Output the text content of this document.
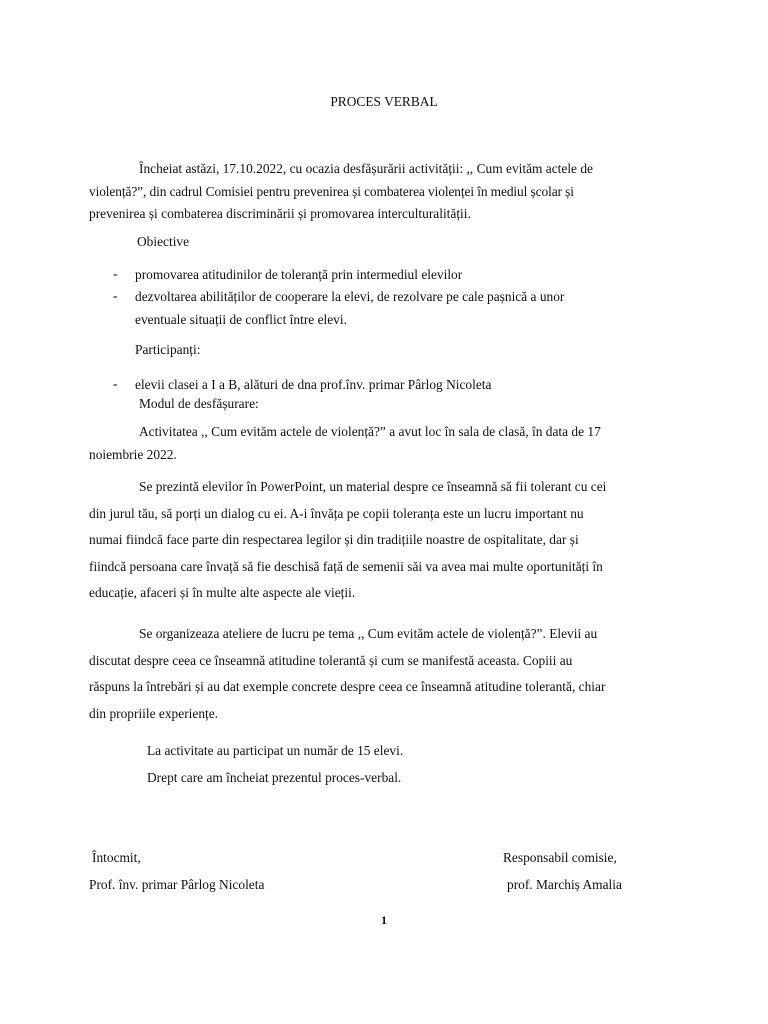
PROCES VERBAL
Încheiat astăzi, 17.10.2022, cu ocazia desfășurării activității: ,, Cum evităm actele de
violență?”, din cadrul Comisiei pentru prevenirea și combaterea violenței în mediul școlar și
prevenirea și combaterea discriminării și promovarea interculturalității.
Obiective
- promovarea atitudinilor de toleranță prin intermediul elevilor
- dezvoltarea abilităților de cooperare la elevi, de rezolvare pe cale pașnică a unor
eventuale situații de conflict între elevi.
Participanți:
- elevii clasei a I a B, alături de dna prof.înv. primar Pârlog Nicoleta
Modul de desfășurare:
Activitatea ,, Cum evităm actele de violență?” a avut loc în sala de clasă, în data de 17
noiembrie 2022.
Se prezintă elevilor în PowerPoint, un material despre ce înseamnă să fii tolerant cu cei
din jurul tău, să porți un dialog cu ei. A-i învăța pe copii toleranța este un lucru important nu
numai fiindcă face parte din respectarea legilor și din tradițiile noastre de ospitalitate, dar și
fiindcă persoana care învață să fie deschisă față de semenii săi va avea mai multe oportunități în
educație, afaceri și în multe alte aspecte ale vieții.
Se organizeaza ateliere de lucru pe tema ,, Cum evităm actele de violență?”. Elevii au
discutat despre ceea ce înseamnă atitudine tolerantă și cum se manifestă aceasta. Copiii au
răspuns la întrebări și au dat exemple concrete despre ceea ce înseamnă atitudine tolerantă, chiar
din propriile experiențe.
La activitate au participat un număr de 15 elevi.
Drept care am încheiat prezentul proces-verbal.
Întocmit,
Prof. înv. primar Pârlog Nicoleta
Responsabil comisie,
prof. Marchiș Amalia
1
